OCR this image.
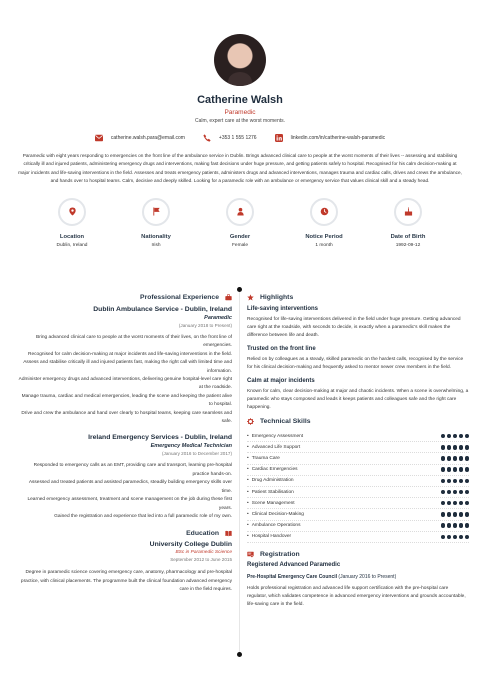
Catherine Walsh
Paramedic
Calm, expert care at the worst moments.
catherine.walsh.para@email.com	+353 1 555 1276	linkedin.com/in/catherine-walsh-paramedic

Paramedic with eight years responding to emergencies on the front line of the ambulance service in Dublin. Brings advanced clinical care to people at the worst moments of their lives -- assessing and stabilising critically ill and injured patients, administering emergency drugs and interventions, making fast decisions under huge pressure, and getting patients safely to hospital. Recognised for his calm decision-making at major incidents and life-saving interventions in the field. Assesses and treats emergency patients, administers drugs and advanced interventions, manages trauma and cardiac calls, drives and crews the ambulance, and hands over to hospital teams. Calm, decisive and deeply skilled. Looking for a paramedic role with an ambulance or emergency service that values clinical skill and a steady head.

Location
Dublin, Ireland
Nationality
Irish
Gender
Female
Notice Period
1 month
Date of Birth
1992-09-12
Professional Experience
Dublin Ambulance Service - Dublin, Ireland
Paramedic
(January 2018 to Present)
Bring advanced clinical care to people at the worst moments of their lives, on the front line of emergencies.
Recognised for calm decision-making at major incidents and life-saving interventions in the field.
Assess and stabilise critically ill and injured patients fast, making the right call with limited time and information.
Administer emergency drugs and advanced interventions, delivering genuine hospital-level care right at the roadside.
Manage trauma, cardiac and medical emergencies, leading the scene and keeping the patient alive to hospital.
Drive and crew the ambulance and hand over clearly to hospital teams, keeping care seamless and safe.
Ireland Emergency Services - Dublin, Ireland
Emergency Medical Technician
(January 2016 to December 2017)
Responded to emergency calls as an EMT, providing care and transport, learning pre-hospital practice hands-on.
Assessed and treated patients and assisted paramedics, steadily building emergency skills over time.
Learned emergency assessment, treatment and scene management on the job during these first years.
Gained the registration and experience that led into a full paramedic role of my own.
Education
University College Dublin
BSc in Paramedic Science
September 2012 to June 2015
Degree in paramedic science covering emergency care, anatomy, pharmacology and pre-hospital practice, with clinical placements. The programme built the clinical foundation advanced emergency care in the field requires.
Highlights
Life-saving interventions
Recognised for life-saving interventions delivered in the field under huge pressure. Getting advanced care right at the roadside, with seconds to decide, is exactly when a paramedic's skill makes the difference between life and death.
Trusted on the front line
Relied on by colleagues as a steady, skilled paramedic on the hardest calls, recognised by the service for his clinical decision-making and frequently asked to mentor newer crew members in the field.
Calm at major incidents
Known for calm, clear decision-making at major and chaotic incidents. When a scene is overwhelming, a paramedic who stays composed and leads it keeps patients and colleagues safe and the right care happening.
Technical Skills
• Emergency Assessment
• Advanced Life Support
• Trauma Care
• Cardiac Emergencies
• Drug Administration
• Patient Stabilisation
• Scene Management
• Clinical Decision-Making
• Ambulance Operations
• Hospital Handover
Registration
Registered Advanced Paramedic
Pre-Hospital Emergency Care Council (January 2016 to Present)
Holds professional registration and advanced life support certification with the pre-hospital care regulator, which validates competence in advanced emergency interventions and grounds accountable, life-saving care in the field.
